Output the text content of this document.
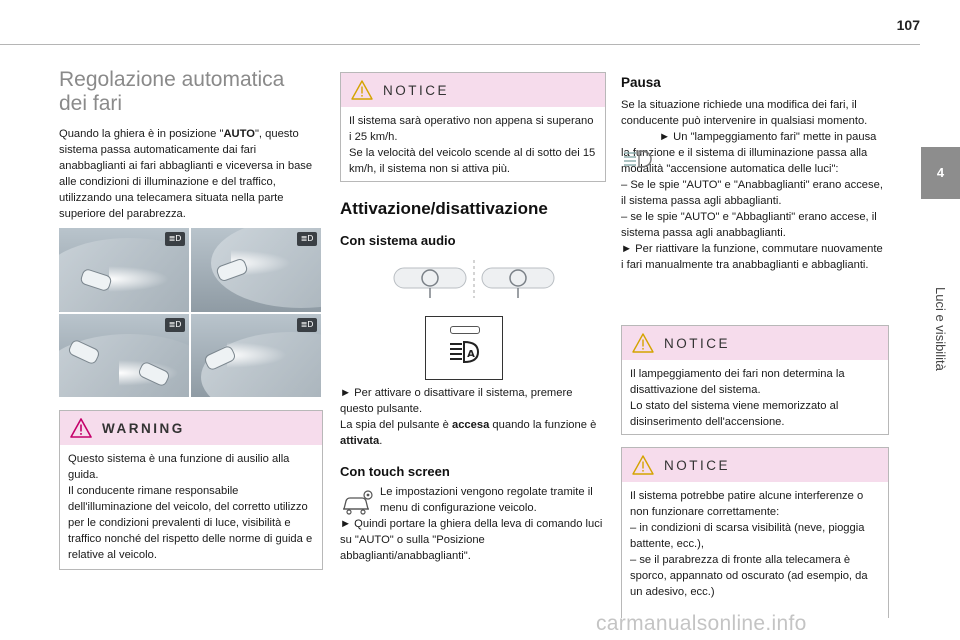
107
4
Luci e visibilità
Regolazione automatica
dei fari

Quando la ghiera è in posizione "AUTO", questo sistema passa automaticamente dai fari anabbaglianti ai fari abbaglianti e viceversa in base alle condizioni di illuminazione e del traffico, utilizzando una telecamera situata nella parte superiore del parabrezza.

≣D	≣D
≣D	≣D
WARNING

Questo sistema è una funzione di ausilio alla guida.

Il conducente rimane responsabile dell'illuminazione del veicolo, del corretto utilizzo per le condizioni prevalenti di luce, visibilità e traffico nonché del rispetto delle norme di guida e relative al veicolo.

NOTICE

Il sistema sarà operativo non appena si superano i 25 km/h.

Se la velocità del veicolo scende al di sotto dei 15 km/h, il sistema non si attiva più.

Attivazione/disattivazione
Con sistema audio
A

► Per attivare o disattivare il sistema, premere questo pulsante.

La spia del pulsante è accesa quando la funzione è attivata.

Con touch screen

Le impostazioni vengono regolate tramite il menu di configurazione veicolo.

► Quindi portare la ghiera della leva di comando luci su "AUTO" o sulla "Posizione abbaglianti/anabbaglianti".

Pausa

Se la situazione richiede una modifica dei fari, il conducente può intervenire in qualsiasi momento.

► Un "lampeggiamento fari" mette in pausa la funzione e il sistema di illuminazione passa alla modalità "accensione automatica delle luci":

– Se le spie "AUTO" e "Anabbaglianti" erano accese, il sistema passa agli abbaglianti.

– se le spie "AUTO" e "Abbaglianti" erano accese, il sistema passa agli anabbaglianti.

► Per riattivare la funzione, commutare nuovamente i fari manualmente tra anabbaglianti e abbaglianti.

NOTICE

Il lampeggiamento dei fari non determina la disattivazione del sistema.

Lo stato del sistema viene memorizzato al disinserimento dell'accensione.

NOTICE

Il sistema potrebbe patire alcune interferenze o non funzionare correttamente:

– in condizioni di scarsa visibilità (neve, pioggia battente, ecc.),

– se il parabrezza di fronte alla telecamera è sporco, appannato od oscurato (ad esempio, da un adesivo, ecc.)

carmanualsonline.info
